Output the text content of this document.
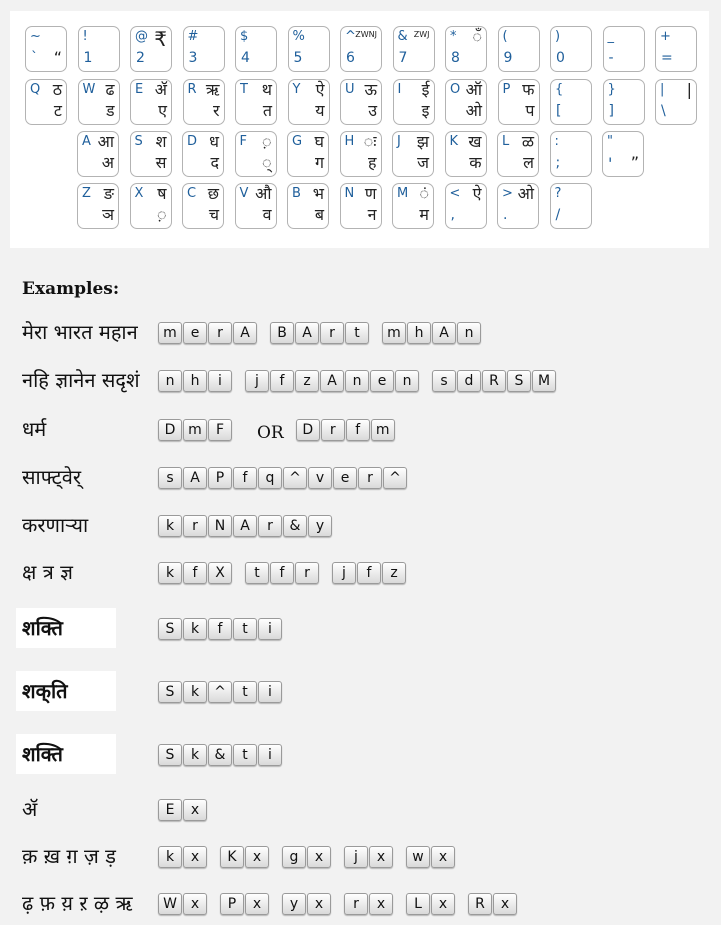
~
` “
!
1
@
2
₹ #
3
$
4
%
5
^
6
ZWNJ &
7
ZWJ *
8
◌ँ (
9
)
0
_
-
+
=
Q ठ
ट
W ढ
ड
E ॲ
ए
R ऋ
र
T थ
त
Y ऐ
य
U ऊ
उ
I ई
इ
O ऑ
ओ
P फ
प
{
[
}
]
|
\
|
A आ
अ
S श
स
D ध
द
F ◌़
◌्
G घ
ग
H ◌ः
ह
J झ
ज
K ख
क
L ळ
ल
:
;
"
' ”
Z ङ
ञ
X ष
◌़
C छ
च
V औ
व
B भ
ब
N ण
न
M ◌ं
म
<
,
ऐ >
.
ओ ?
/
Examples:
मेरा भारत महान	m e	r	A	B	A	r	t	m h	A	n
नहि ज्ञानेन सदृशं	n	h	i	j	f	z	A	n	e	n	s	d	R	S	M
धर्म	D m	F	OR	D	r	f	m
साफ्ट्वेर्	s	A	P	f	q	^	v	e	r	^
करणाऱ्या	k	r	N	A	r	&	y
क्ष त्र ज्ञ	k	f	X	t	f	r	j	f	z
शक्ति	S	k	f	t	i
शक्‌ति	S	k	^	t	i
शक्‍ति	S	k	&	t	i
ॲ	E	x
क़ ख़ ग़ ज़ ड़	k	x	K	x	g	x	j	x	w	x
ढ़ फ़ य़ ऱ ऴ ऋ	W x	P	x	y	x	r	x	L	x	R	x
